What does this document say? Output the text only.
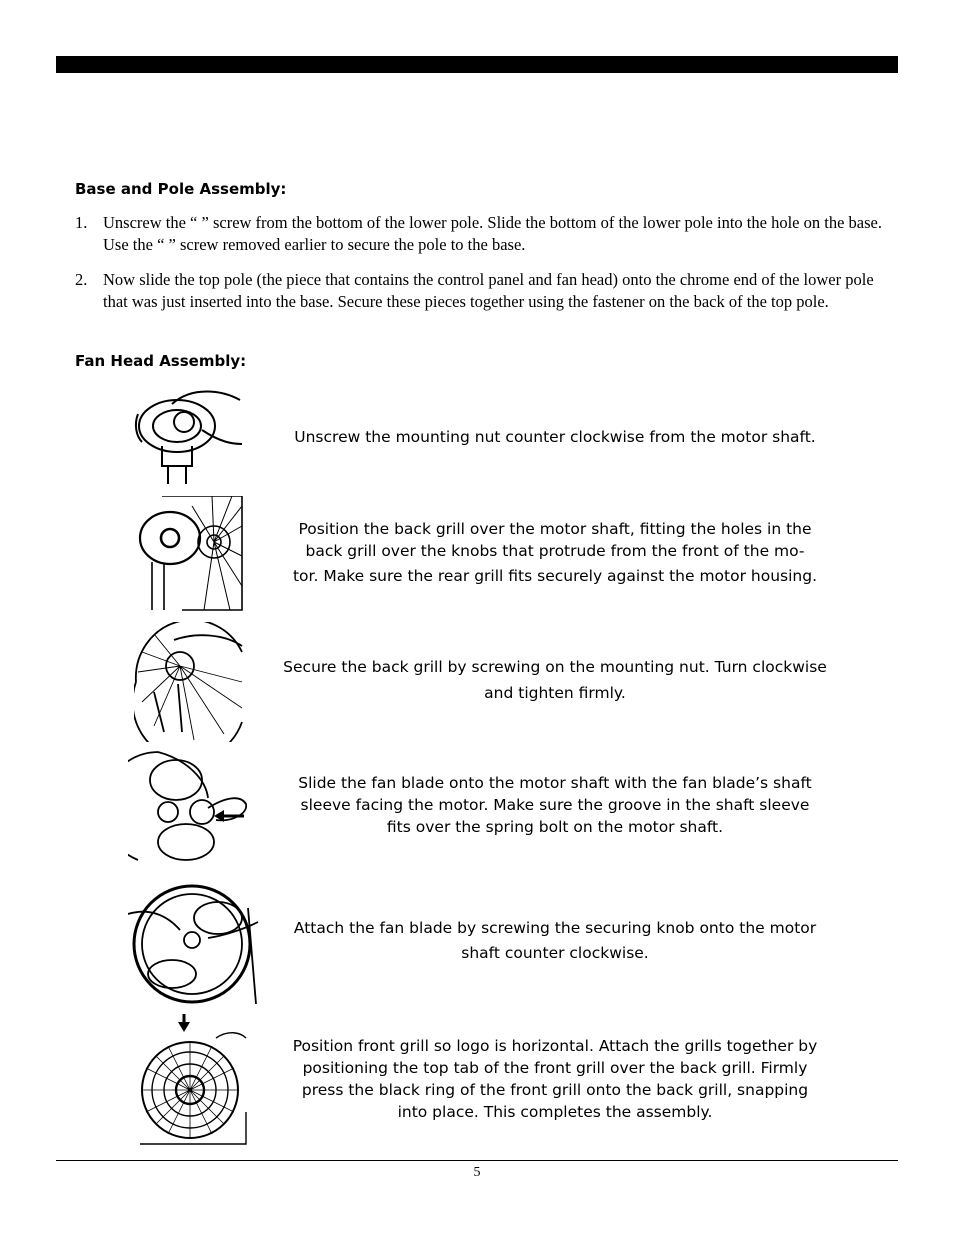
Base and Pole Assembly:
1. Unscrew the “ ” screw from the bottom of the lower pole. Slide the bottom of the lower pole into the hole on the base. Use the “ ” screw removed earlier to secure the pole to the base.
2. Now slide the top pole (the piece that contains the control panel and fan head) onto the chrome end of the lower pole that was just inserted into the base. Secure these pieces together using the fastener on the back of the top pole.
Fan Head Assembly:
Unscrew the mounting nut counter clockwise from the motor shaft.
Position the back grill over the motor shaft, fitting the holes in the
back grill over the knobs that protrude from the front of the mo-
tor. Make sure the rear grill fits securely against the motor housing.
Secure the back grill by screwing on the mounting nut. Turn clockwise
and tighten firmly.
Slide the fan blade onto the motor shaft with the fan blade’s shaft
sleeve facing the motor. Make sure the groove in the shaft sleeve
fits over the spring bolt on the motor shaft.
Attach the fan blade by screwing the securing knob onto the motor
shaft counter clockwise.
Position front grill so logo is horizontal. Attach the grills together by
positioning the top tab of the front grill over the back grill. Firmly
press the black ring of the front grill onto the back grill, snapping
into place. This completes the assembly.
5
